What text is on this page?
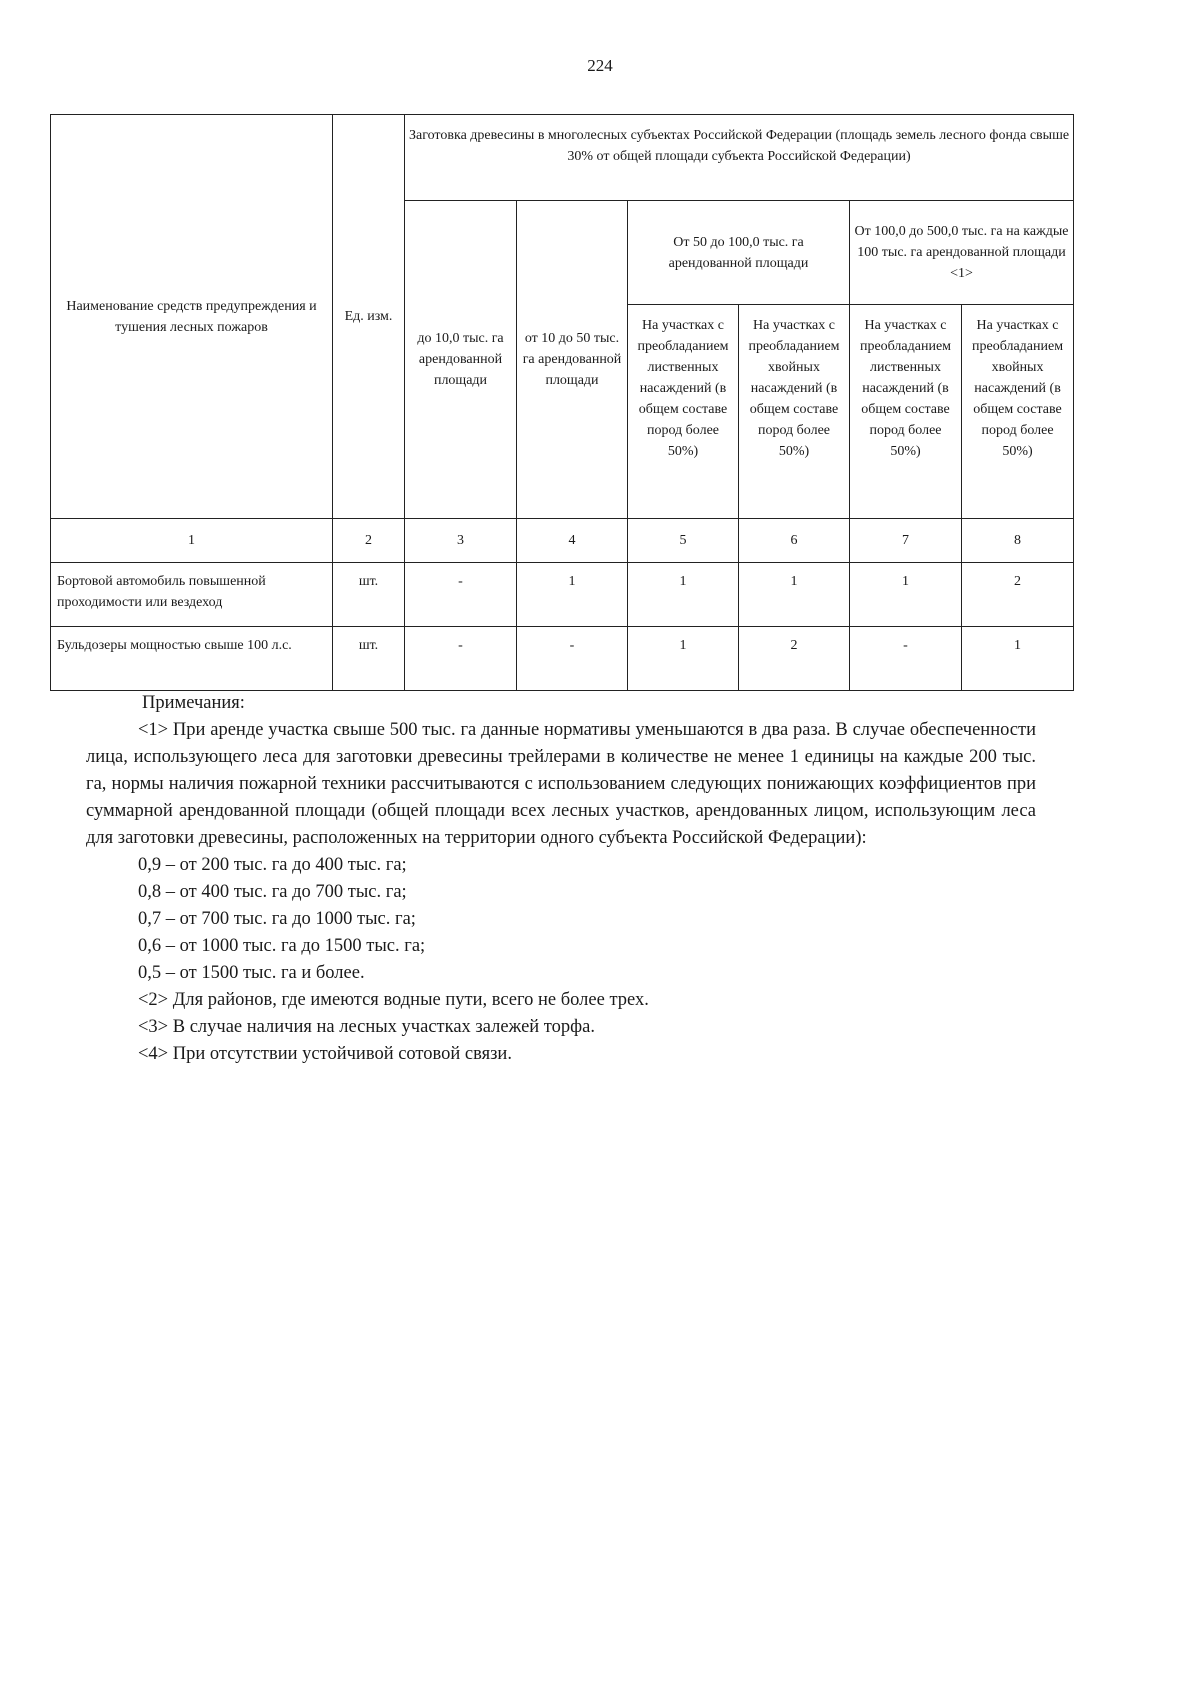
224
Наименование средств предупреждения и тушения лесных пожаров	Ед. изм.	Заготовка древесины в многолесных субъектах Российской Федерации (площадь земель лесного фонда свыше 30% от общей площади субъекта Российской Федерации)					
		до 10,0 тыс. га арендованной площади	от 10 до 50 тыс. га арендованной площади	От 50 до 100,0 тыс. га арендованной площади		От 100,0 до 500,0 тыс. га на каждые 100 тыс. га арендованной площади <1>	
				На участках с преобладанием лиственных насаждений (в общем составе пород более 50%)	На участках с преобладанием хвойных насаждений (в общем составе пород более 50%)	На участках с преобладанием лиственных насаждений (в общем составе пород более 50%)	На участках с преобладанием хвойных насаждений (в общем составе пород более 50%)
1	2	3	4	5	6	7	8
Бортовой автомобиль повышенной проходимости или вездеход	шт.	-	1	1	1	1	2
Бульдозеры мощностью свыше 100 л.с.	шт.	-	-	1	2	-	1

Примечания:

<1> При аренде участка свыше 500 тыс. га данные нормативы уменьшаются в два раза. В случае обеспеченности лица, использующего леса для заготовки древесины трейлерами в количестве не менее 1 единицы на каждые 200 тыс. га, нормы наличия пожарной техники рассчитываются с использованием следующих понижающих коэффициентов при суммарной арендованной площади (общей площади всех лесных участков, арендованных лицом, использующим леса для заготовки древесины, расположенных на территории одного субъекта Российской Федерации):

0,9 – от 200 тыс. га до 400 тыс. га;

0,8 – от 400 тыс. га до 700 тыс. га;

0,7 – от 700 тыс. га до 1000 тыс. га;

0,6 – от 1000 тыс. га до 1500 тыс. га;

0,5 – от 1500 тыс. га и более.

<2> Для районов, где имеются водные пути, всего не более трех.

<3> В случае наличия на лесных участках залежей торфа.

<4> При отсутствии устойчивой сотовой связи.
